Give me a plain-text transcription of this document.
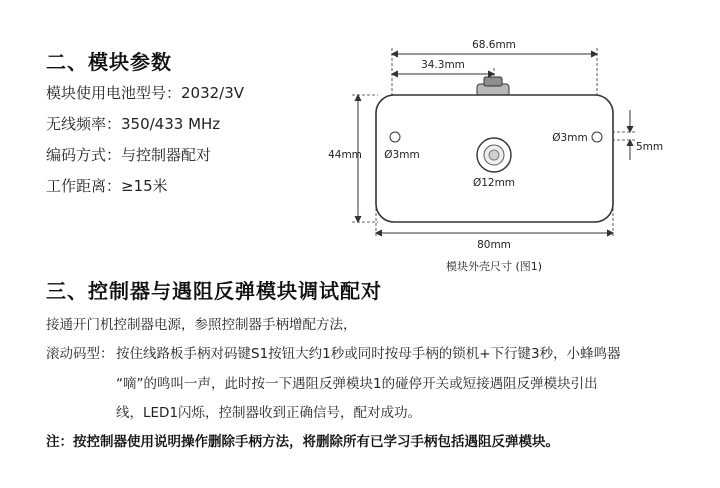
二、模块参数
模块使用电池型号：2032/3V
无线频率：350/433 MHz
编码方式：与控制器配对
工作距离：≥15米
68.6mm
34.3mm
44mm Ø3mm
Ø3mm
Ø12mm
5mm
80mm
模块外壳尺寸 (图1)
三、控制器与遇阻反弹模块调试配对
接通开门机控制器电源，参照控制器手柄增配方法，
滚动码型： 按住线路板手柄对码键S1按钮大约1秒或同时按母手柄的锁机+下行键3秒，小蜂鸣器
“嘀”的鸣叫一声，此时按一下遇阻反弹模块1的碰停开关或短接遇阻反弹模块引出
线，LED1闪烁，控制器收到正确信号，配对成功。
注：按控制器使用说明操作删除手柄方法，将删除所有已学习手柄包括遇阻反弹模块。
